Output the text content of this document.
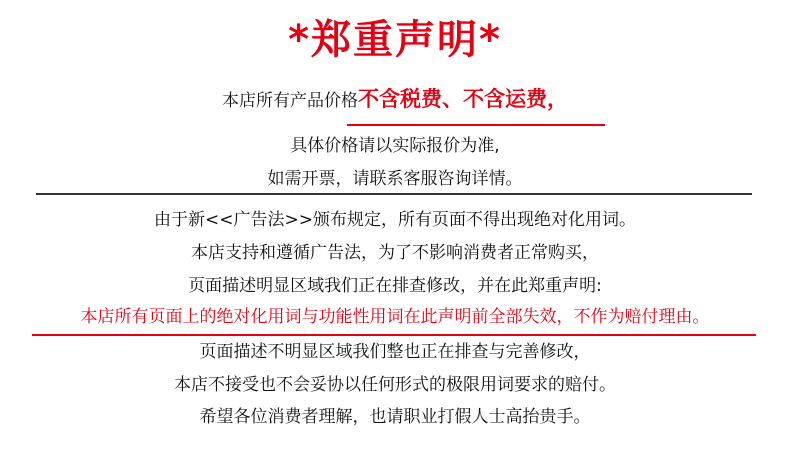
*郑重声明*
本店所有产品价格不含税费、不含运费，
具体价格请以实际报价为准,
如需开票，请联系客服咨询详情。
由于新<<广告法>>颁布规定，所有页面不得出现绝对化用词。
本店支持和遵循广告法，为了不影响消费者正常购买，
页面描述明显区域我们正在排查修改，并在此郑重声明:
本店所有页面上的绝对化用词与功能性用词在此声明前全部失效，不作为赔付理由。
页面描述不明显区域我们整也正在排查与完善修改，
本店不接受也不会妥协以任何形式的极限用词要求的赔付。
希望各位消费者理解，也请职业打假人士高抬贵手。
